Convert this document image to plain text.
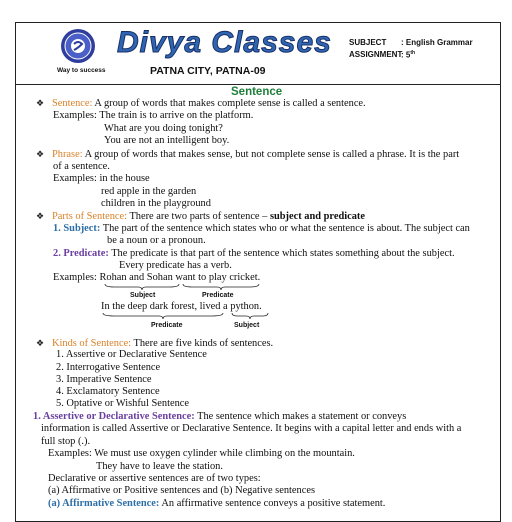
Way to success
Divya Classes
PATNA CITY, PATNA-09
SUBJECT : English Grammar
ASSIGNMENT
: 5th
Sentence
❖ Sentence: A group of words that makes complete sense is called a sentence.
Examples: The train is to arrive on the platform.
What are you doing tonight?
You are not an intelligent boy.
❖ Phrase: A group of words that makes sense, but not complete sense is called a phrase. It is the part
of a sentence.
Examples: in the house
red apple in the garden
children in the playground
❖ Parts of Sentence: There are two parts of sentence – subject and predicate
1. Subject: The part of the sentence which states who or what the sentence is about. The subject can
be a noun or a pronoun.
2. Predicate: The predicate is that part of the sentence which states something about the subject.
Every predicate has a verb.
Examples: Rohan and Sohan want to play cricket.
Subject	Predicate
In the deep dark forest, lived a python.
Predicate	Subject
❖ Kinds of Sentence: There are five kinds of sentences.
1. Assertive or Declarative Sentence
2. Interrogative Sentence
3. Imperative Sentence
4. Exclamatory Sentence
5. Optative or Wishful Sentence
1. Assertive or Declarative Sentence: The sentence which makes a statement or conveys
information is called Assertive or Declarative Sentence. It begins with a capital letter and ends with a
full stop (.).
Examples: We must use oxygen cylinder while climbing on the mountain.
They have to leave the station.
Declarative or assertive sentences are of two types:
(a) Affirmative or Positive sentences and (b) Negative sentences
(a) Affirmative Sentence: An affirmative sentence conveys a positive statement.
